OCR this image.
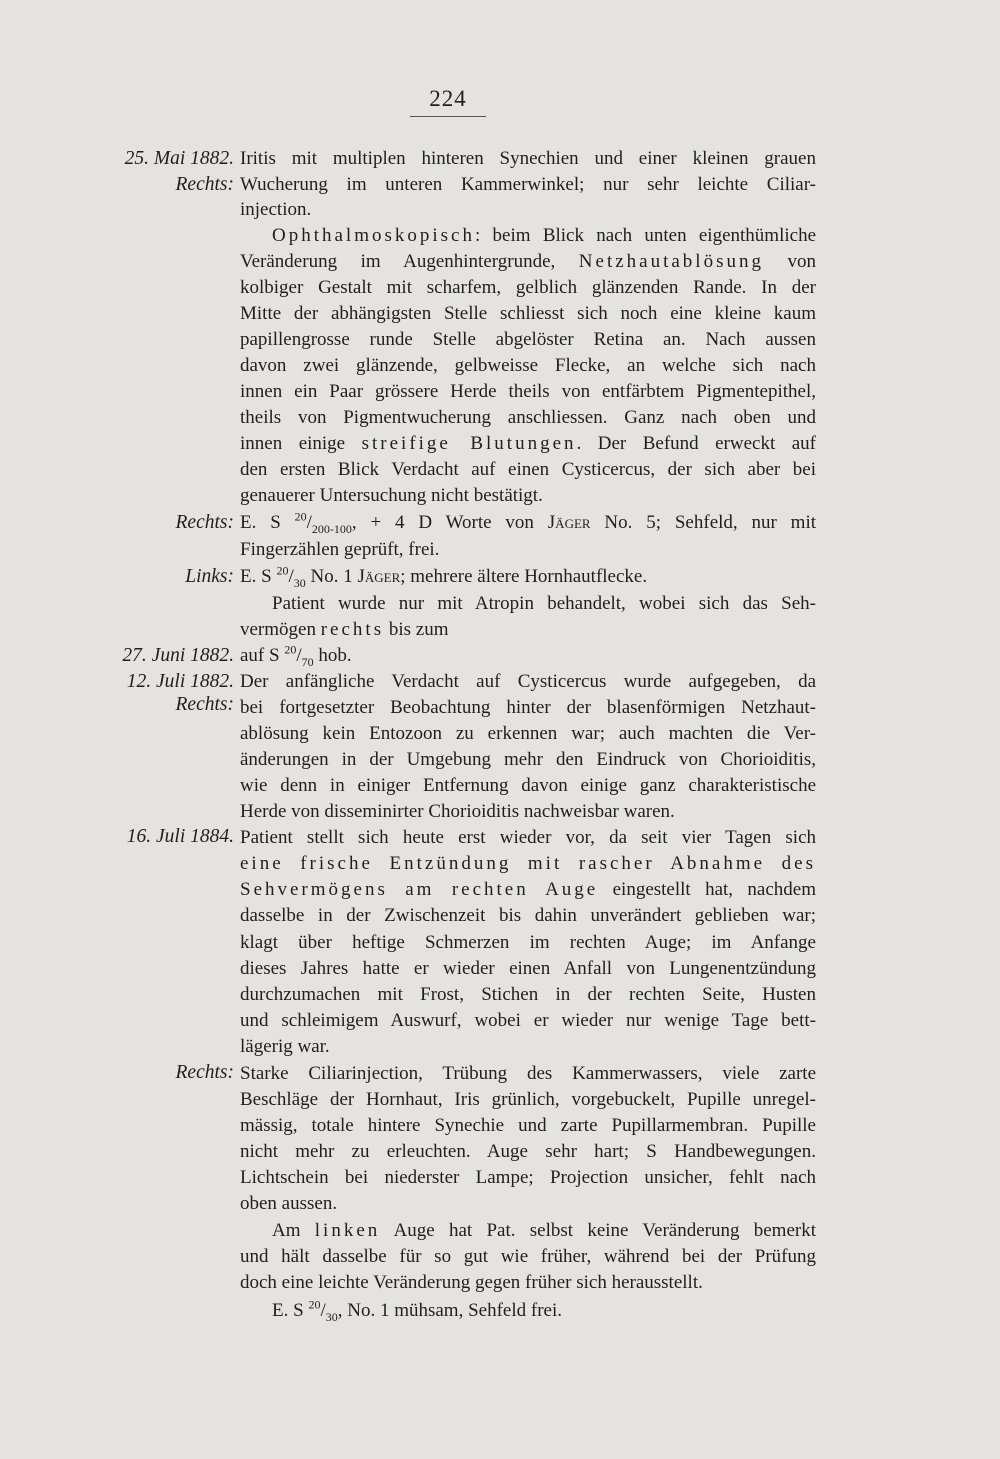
224
25. Mai 1882.
Rechts:
Rechts:
Links:
27. Juni 1882.
12. Juli 1882.
Rechts:
16. Juli 1884.
Rechts:
Iritis mit multiplen hinteren Synechien und einer kleinen grauen
Wucherung im unteren Kammerwinkel; nur sehr leichte Ciliar-
injection.
Ophthalmoskopisch: beim Blick nach unten eigenthümliche
Veränderung im Augenhintergrunde, Netzhautablösung von
kolbiger Gestalt mit scharfem, gelblich glänzenden Rande. In der
Mitte der abhängigsten Stelle schliesst sich noch eine kleine kaum
papillengrosse runde Stelle abgelöster Retina an. Nach aussen
davon zwei glänzende, gelbweisse Flecke, an welche sich nach
innen ein Paar grössere Herde theils von entfärbtem Pigmentepithel,
theils von Pigmentwucherung anschliessen. Ganz nach oben und
innen einige streifige Blutungen. Der Befund erweckt auf
den ersten Blick Verdacht auf einen Cysticercus, der sich aber bei
genauerer Untersuchung nicht bestätigt.
E. S $^{20}/_{200-100}$, + 4 D Worte von Jäger No. 5; Sehfeld, nur mit
Fingerzählen geprüft, frei.
E. S $^{20}/_{30}$ No. 1 Jäger; mehrere ältere Hornhautflecke.
Patient wurde nur mit Atropin behandelt, wobei sich das Seh-
vermögen rechts bis zum
auf S $^{20}/_{70}$ hob.
Der anfängliche Verdacht auf Cysticercus wurde aufgegeben, da
bei fortgesetzter Beobachtung hinter der blasenförmigen Netzhaut-
ablösung kein Entozoon zu erkennen war; auch machten die Ver-
änderungen in der Umgebung mehr den Eindruck von Chorioiditis,
wie denn in einiger Entfernung davon einige ganz charakteristische
Herde von disseminirter Chorioiditis nachweisbar waren.
Patient stellt sich heute erst wieder vor, da seit vier Tagen sich
eine frische Entzündung mit rascher Abnahme des
Sehvermögens am rechten Auge eingestellt hat, nachdem
dasselbe in der Zwischenzeit bis dahin unverändert geblieben war;
klagt über heftige Schmerzen im rechten Auge; im Anfange
dieses Jahres hatte er wieder einen Anfall von Lungenentzündung
durchzumachen mit Frost, Stichen in der rechten Seite, Husten
und schleimigem Auswurf, wobei er wieder nur wenige Tage bett-
lägerig war.
Starke Ciliarinjection, Trübung des Kammerwassers, viele zarte
Beschläge der Hornhaut, Iris grünlich, vorgebuckelt, Pupille unregel-
mässig, totale hintere Synechie und zarte Pupillarmembran. Pupille
nicht mehr zu erleuchten. Auge sehr hart; S Handbewegungen.
Lichtschein bei niederster Lampe; Projection unsicher, fehlt nach
oben aussen.
Am linken Auge hat Pat. selbst keine Veränderung bemerkt
und hält dasselbe für so gut wie früher, während bei der Prüfung
doch eine leichte Veränderung gegen früher sich herausstellt.
E. S $^{20}/_{30}$, No. 1 mühsam, Sehfeld frei.
